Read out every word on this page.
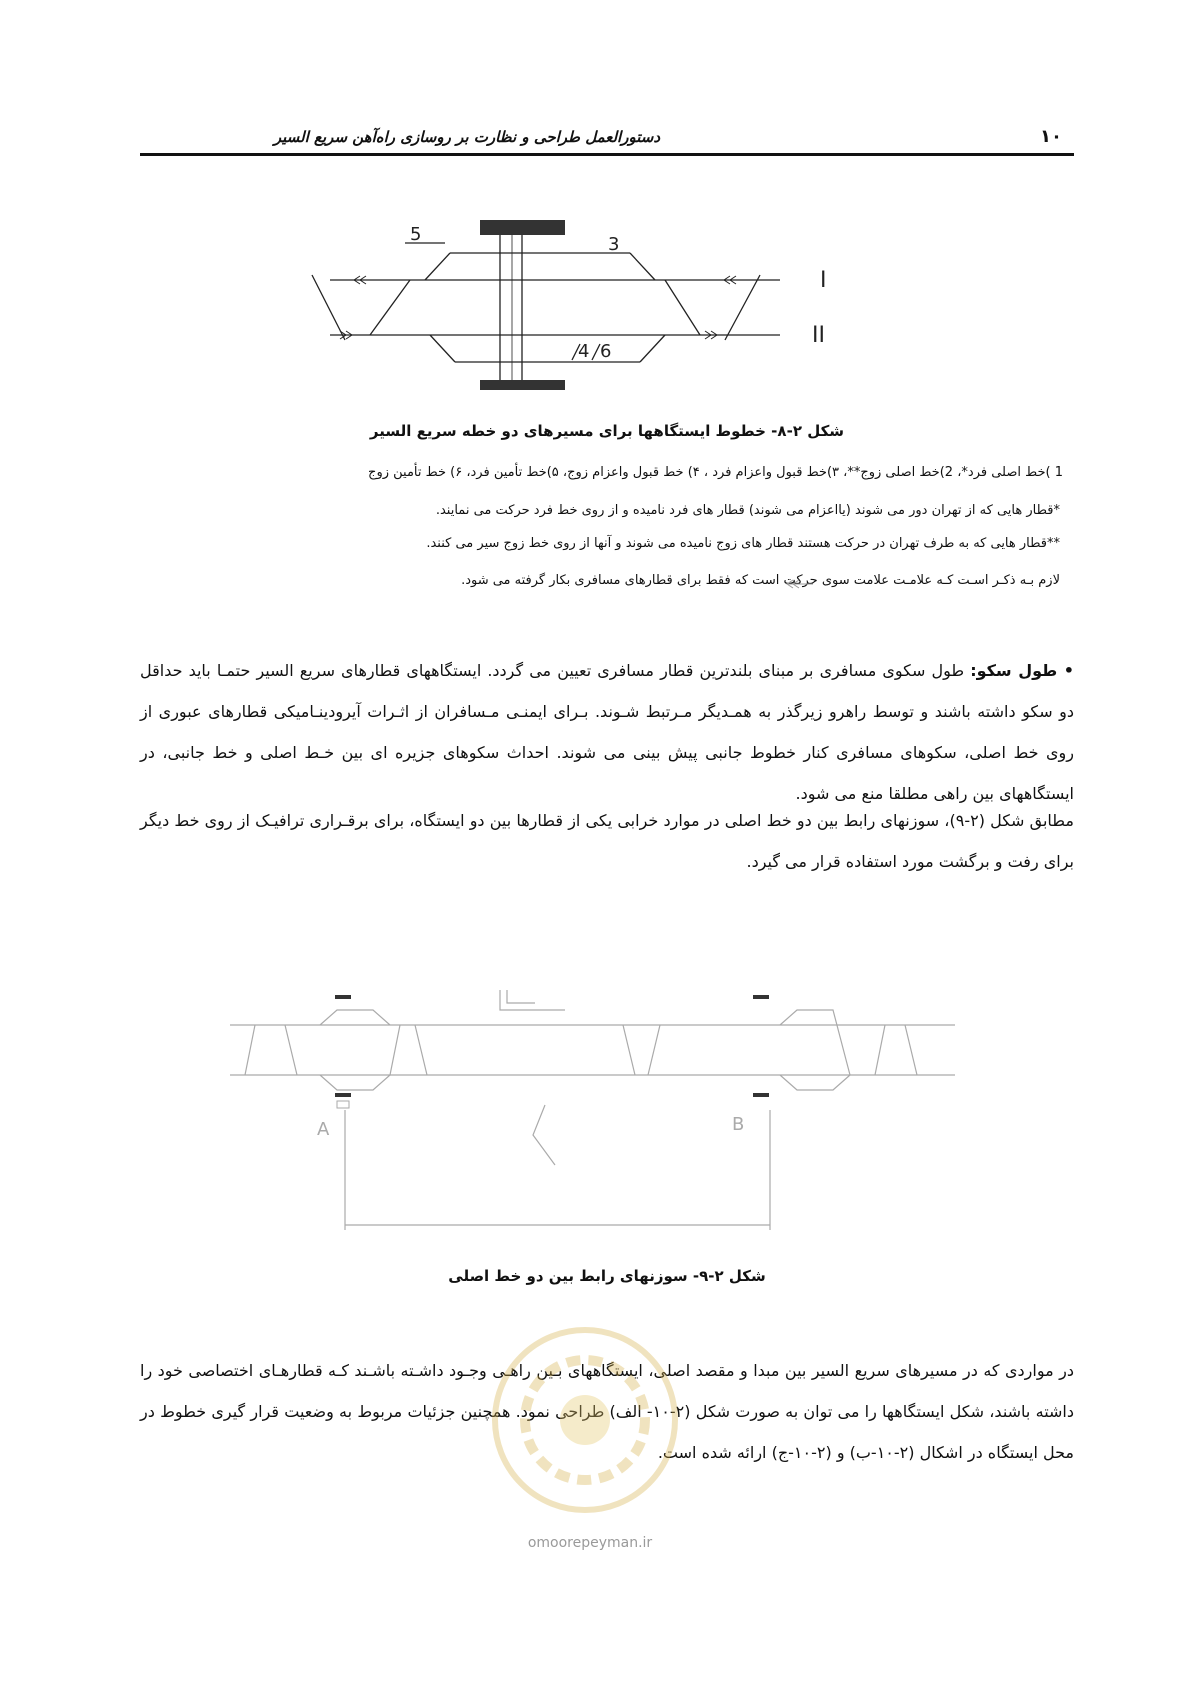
دستورالعمل طراحی و نظارت بر روسازی راه‌آهن سریع السیر	۱۰
5	3
4 6
I
II
شکل ۲-۸- خطوط ایستگاهها برای مسیرهای دو خطه سریع السیر
1 )خط اصلی فرد*، 2)خط اصلی زوج**، ۳)خط قبول واعزام فرد ، ۴) خط قبول واعزام زوج، ۵)خط تأمین فرد، ۶) خط تأمین زوج
*قطار هایی که از تهران دور می شوند (یااعزام می شوند) قطار های فرد نامیده و از روی خط فرد حرکت می نمایند.
**قطار هایی که به طرف تهران در حرکت هستند قطار های زوج نامیده می شوند و آنها از روی خط زوج سیر می کنند.
لازم بـه ذکـر اسـت کـه علامـت علامت سوی حرکت است که فقط برای قطارهای مسافری بکار گرفته می شود.
• طول سکو: طول سکوی مسافری بر مبنای بلندترین قطار مسافری تعیین می گردد. ایستگاههای قطارهای سریع السیر حتمـا باید حداقل دو سکو داشته باشند و توسط راهرو زیرگذر به همـدیگر مـرتبط شـوند. بـرای ایمنـی مـسافران از اثـرات آیرودینـامیکی قطارهای عبوری از روی خط اصلی، سکوهای مسافری کنار خطوط جانبی پیش بینی می شوند. احداث سکوهای جزیره ای بین خـط اصلی و خط جانبی، در ایستگاههای بین راهی مطلقا منع می شود.
مطابق شکل (۲-۹)، سوزنهای رابط بین دو خط اصلی در موارد خرابی یکی از قطارها بین دو ایستگاه، برای برقـراری ترافیـک از روی خط دیگر برای رفت و برگشت مورد استفاده قرار می گیرد.
A	B
شکل ۲-۹- سوزنهای رابط بین دو خط اصلی
در مواردی که در مسیرهای سریع السیر بین مبدا و مقصد اصلی، ایستگاههای بـین راهـی وجـود داشـته باشـند کـه قطارهـای اختصاصی خود را داشته باشند، شکل ایستگاهها را می توان به صورت شکل (۲-۱۰- الف) طراحی نمود. همچنین جزئیات مربوط به وضعیت قرار گیری خطوط در محل ایستگاه در اشکال (۲-۱۰-ب) و (۲-۱۰-ج) ارائه شده است.
omoorepeyman.ir
